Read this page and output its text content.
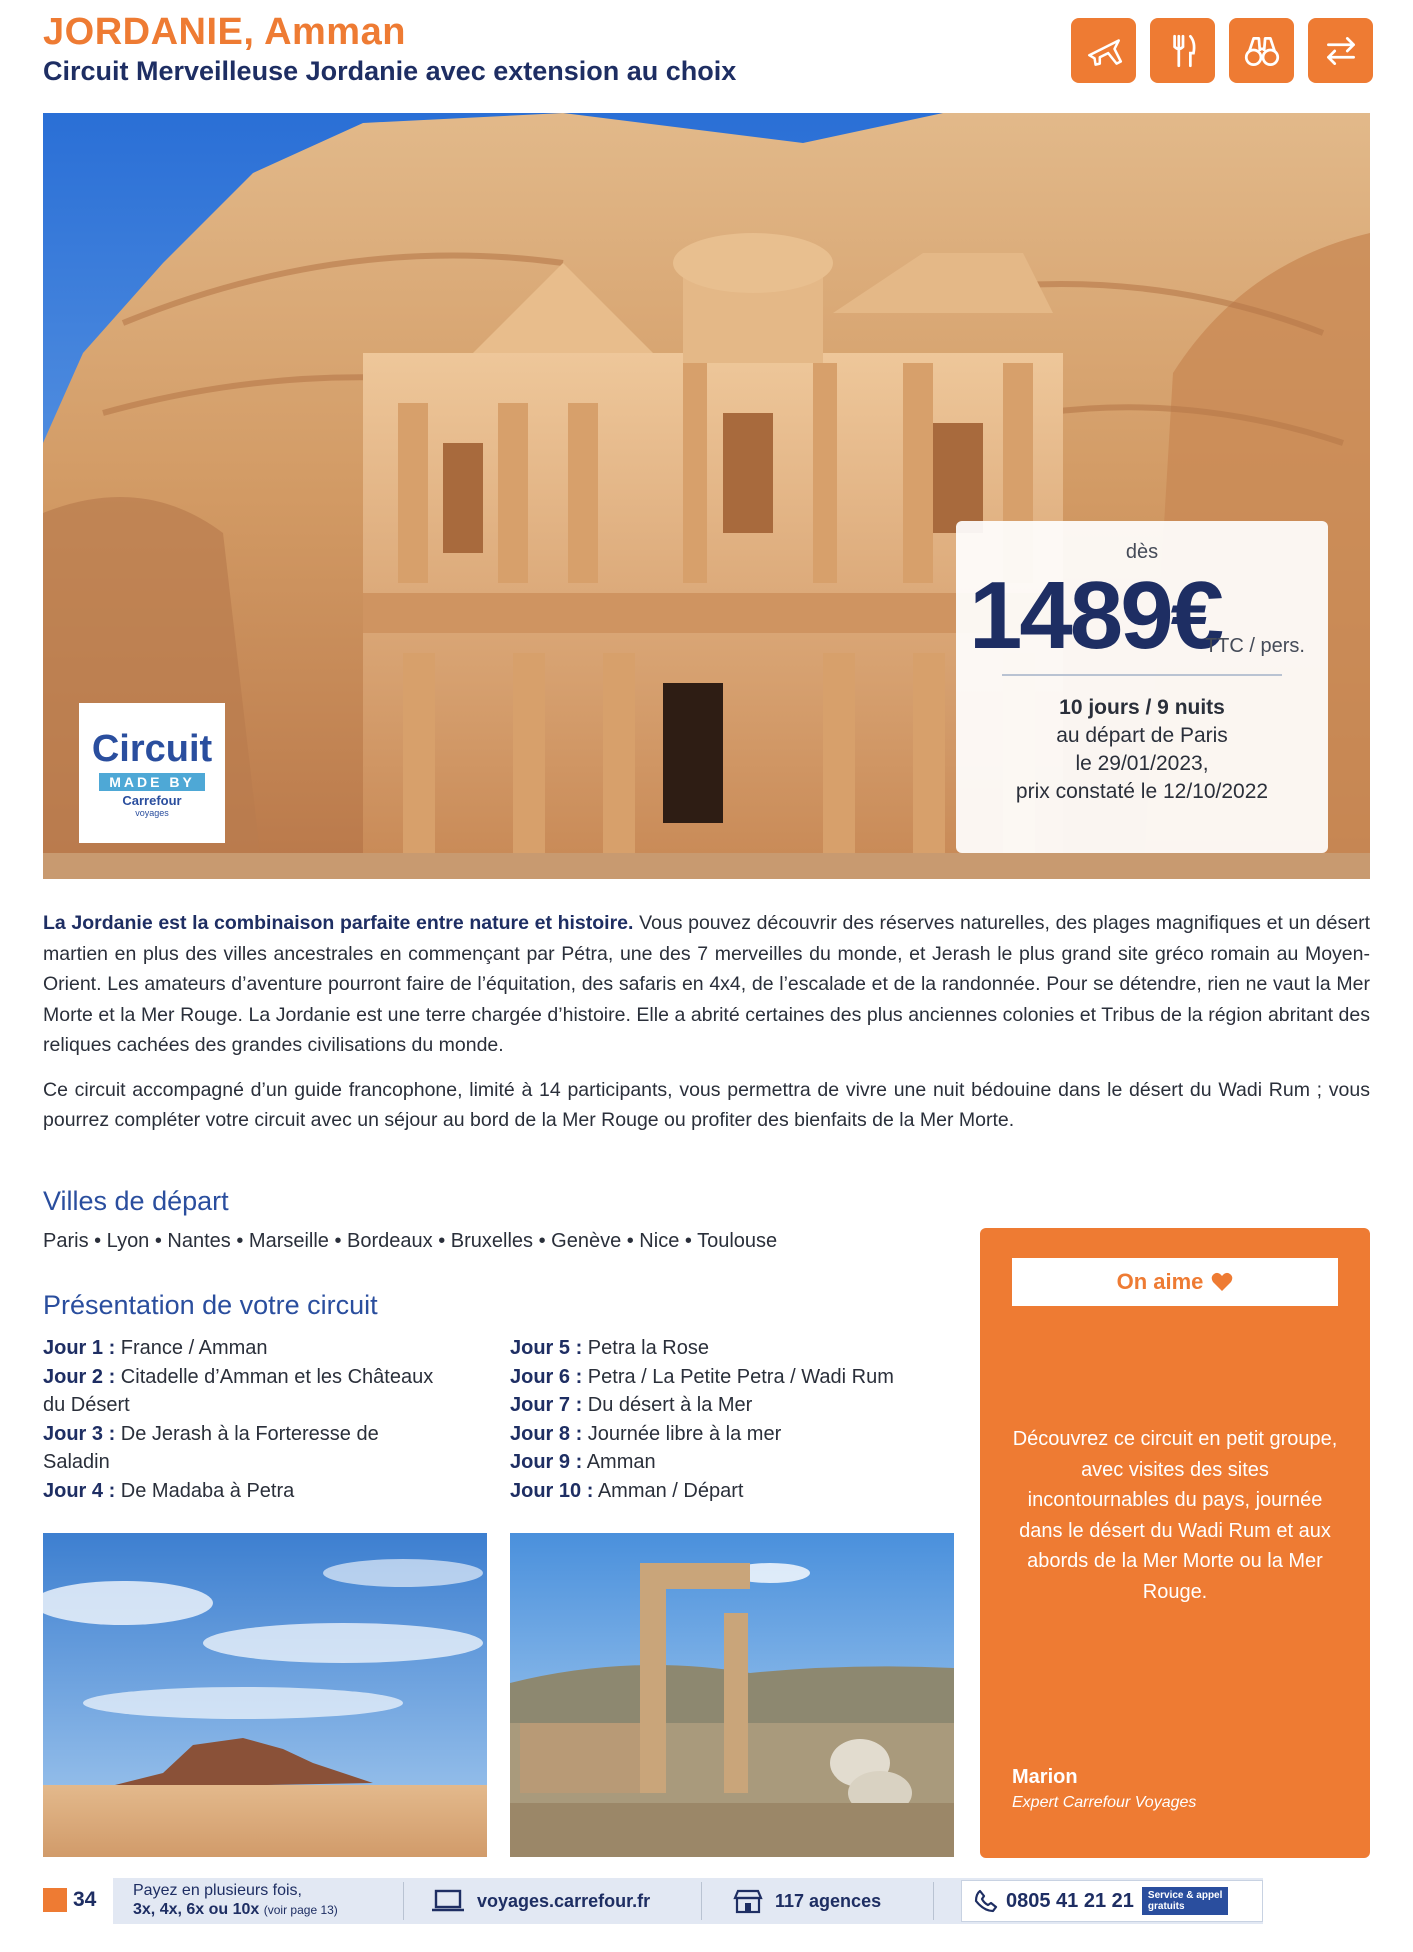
JORDANIE, Amman
Circuit Merveilleuse Jordanie avec extension au choix
Circuit
MADE BY
Carrefour
voyages
dès
1489€
TTC / pers.
10 jours / 9 nuits
au départ de Paris
le 29/01/2023,
prix constaté le 12/10/2022

La Jordanie est la combinaison parfaite entre nature et histoire. Vous pouvez découvrir des réserves naturelles, des plages magnifiques et un désert martien en plus des villes ancestrales en commençant par Pétra, une des 7 merveilles du monde, et Jerash le plus grand site gréco romain au Moyen-Orient. Les amateurs d’aventure pourront faire de l’équitation, des safaris en 4x4, de l’escalade et de la randonnée. Pour se détendre, rien ne vaut la Mer Morte et la Mer Rouge. La Jordanie est une terre chargée d’histoire. Elle a abrité certaines des plus anciennes colonies et Tribus de la région abritant des reliques cachées des grandes civilisations du monde.

Ce circuit accompagné d’un guide francophone, limité à 14 participants, vous permettra de vivre une nuit bédouine dans le désert du Wadi Rum ; vous pourrez compléter votre circuit avec un séjour au bord de la Mer Rouge ou profiter des bienfaits de la Mer Morte.

Villes de départ
Paris • Lyon • Nantes • Marseille • Bordeaux • Bruxelles • Genève • Nice • Toulouse
Présentation de votre circuit
Jour 1 : France / Amman
Jour 2 : Citadelle d’Amman et les Châteaux du Désert
Jour 3 : De Jerash à la Forteresse de Saladin
Jour 4 : De Madaba à Petra
Jour 5 : Petra la Rose
Jour 6 : Petra / La Petite Petra / Wadi Rum
Jour 7 : Du désert à la Mer
Jour 8 : Journée libre à la mer
Jour 9 : Amman
Jour 10 : Amman / Départ
On aime
Découvrez ce circuit en petit groupe, avec visites des sites incontournables du pays, journée dans le désert du Wadi Rum et aux abords de la Mer Morte ou la Mer Rouge.
Marion
Expert Carrefour Voyages
34 Payez en plusieurs fois,
3x, 4x, 6x ou 10x (voir page 13)	voyages.carrefour.fr	117 agences	0805 41 21 21	Service & appel
gratuits
